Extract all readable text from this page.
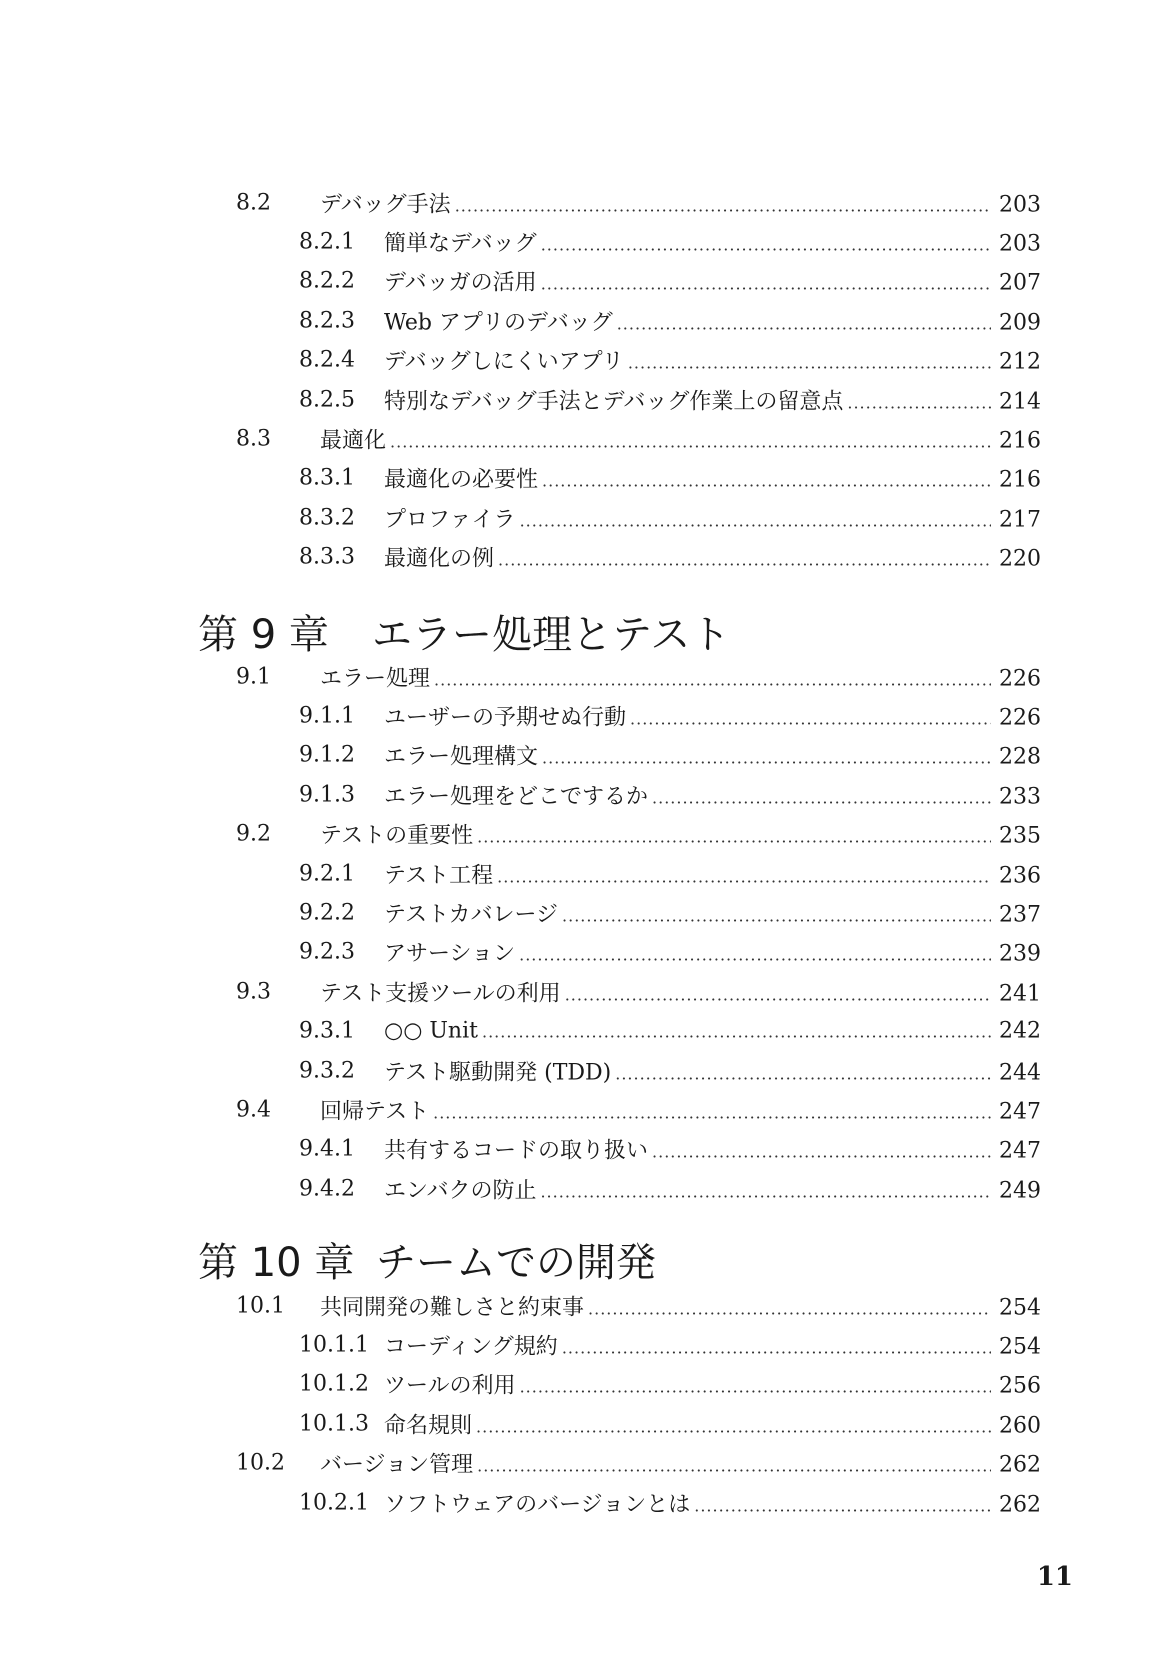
8.2 デバッグ手法 .....	203
8.2.1 簡単なデバッグ .....	203
8.2.2 デバッガの活用 .....	207
8.2.3 Web アプリのデバッグ .....	209
8.2.4 デバッグしにくいアプリ .....	212
8.2.5 特別なデバッグ手法とデバッグ作業上の留意点 .....	214
8.3 最適化 .....	216
8.3.1 最適化の必要性 .....	216
8.3.2 プロファイラ .....	217
8.3.3 最適化の例 .....	220
第 9 章	エラー処理とテスト
9.1 エラー処理 .....	226
9.1.1 ユーザーの予期せぬ行動 .....	226
9.1.2 エラー処理構文 .....	228
9.1.3 エラー処理をどこでするか .....	233
9.2 テストの重要性 .....	235
9.2.1 テスト工程 .....	236
9.2.2 テストカバレージ .....	237
9.2.3 アサーション .....	239
9.3 テスト支援ツールの利用 .....	241
9.3.1 ○○ Unit .....	242
9.3.2 テスト駆動開発 (TDD) .....	244
9.4 回帰テスト .....	247
9.4.1 共有するコードの取り扱い .....	247
9.4.2 エンバクの防止 .....	249
第 10 章 チームでの開発
10.1 共同開発の難しさと約束事 .....	254
10.1.1 コーディング規約 .....	254
10.1.2 ツールの利用 .....	256
10.1.3 命名規則 .....	260
10.2 バージョン管理 .....	262
10.2.1 ソフトウェアのバージョンとは .....	262
11
